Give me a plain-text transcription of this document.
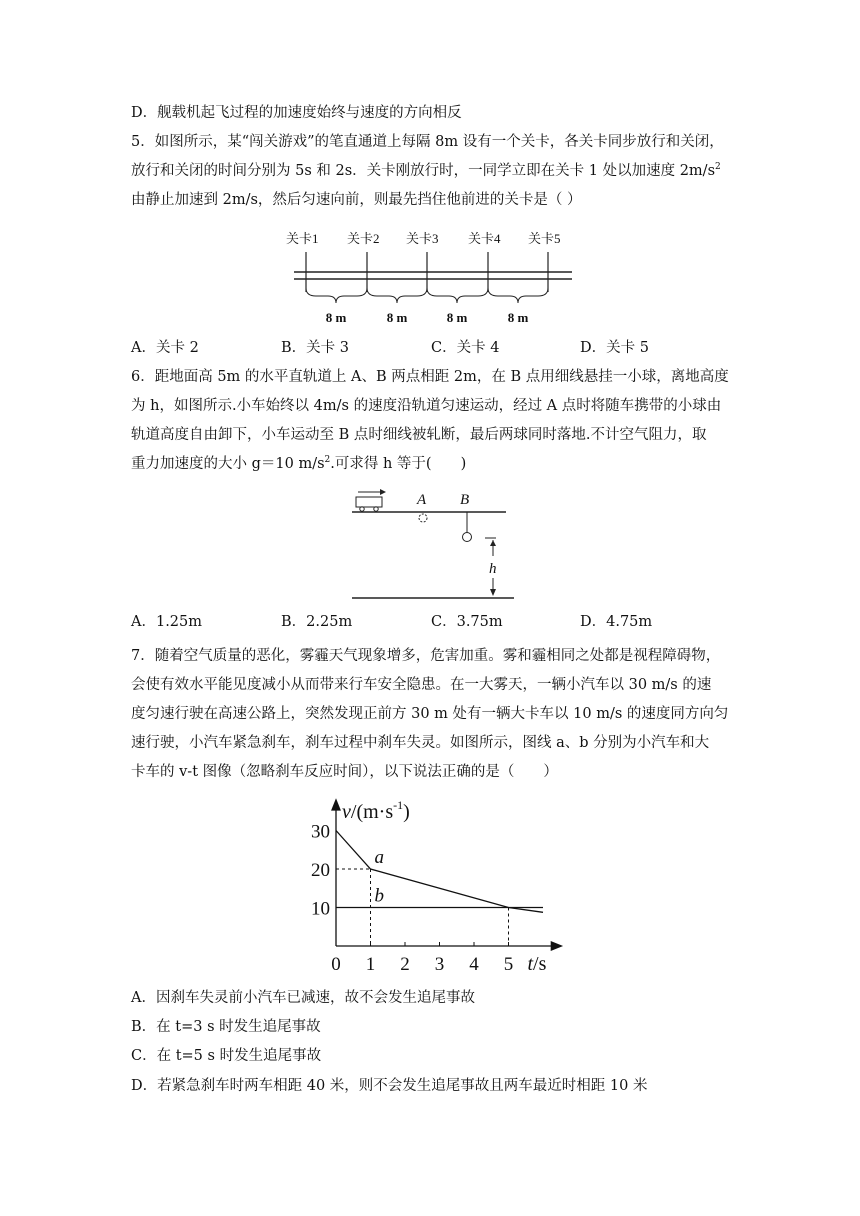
D．舰载机起飞过程的加速度始终与速度的方向相反
5．如图所示，某“闯关游戏”的笔直通道上每隔 8m 设有一个关卡，各关卡同步放行和关闭，
放行和关闭的时间分别为 5s 和 2s．关卡刚放行时，一同学立即在关卡 1 处以加速度 $2m/s^2$
由静止加速到 2m/s，然后匀速向前，则最先挡住他前进的关卡是（ ）
关卡1 关卡2 关卡3 关卡4 关卡5
8 m	8 m	8 m	8 m
A．关卡 2	B．关卡 3	C．关卡 4	D．关卡 5
6．距地面高 5m 的水平直轨道上 A、B 两点相距 2m，在 B 点用细线悬挂一小球，离地高度
为 h，如图所示.小车始终以 4m/s 的速度沿轨道匀速运动，经过 A 点时将随车携带的小球由
轨道高度自由卸下，小车运动至 B 点时细线被轧断，最后两球同时落地.不计空气阻力，取
重力加速度的大小 g＝10 $m/s^2$.可求得 h 等于(　　)
A B
h
A．1.25m	B．2.25m	C．3.75m	D．4.75m
7．随着空气质量的恶化，雾霾天气现象增多，危害加重。雾和霾相同之处都是视程障碍物，
会使有效水平能见度减小从而带来行车安全隐患。在一大雾天，一辆小汽车以 30 m/s 的速
度匀速行驶在高速公路上，突然发现正前方 30 m 处有一辆大卡车以 10 m/s 的速度同方向匀
速行驶，小汽车紧急刹车，刹车过程中刹车失灵。如图所示，图线 a、b 分别为小汽车和大
卡车的 v-t 图像（忽略刹车反应时间），以下说法正确的是（　　）
0 1 2 3 4 5
10
20
30
a
b
$v/(m\cdot s^{-1})$
t/s
A．因刹车失灵前小汽车已减速，故不会发生追尾事故
B．在 t=3 s 时发生追尾事故
C．在 t=5 s 时发生追尾事故
D．若紧急刹车时两车相距 40 米，则不会发生追尾事故且两车最近时相距 10 米
